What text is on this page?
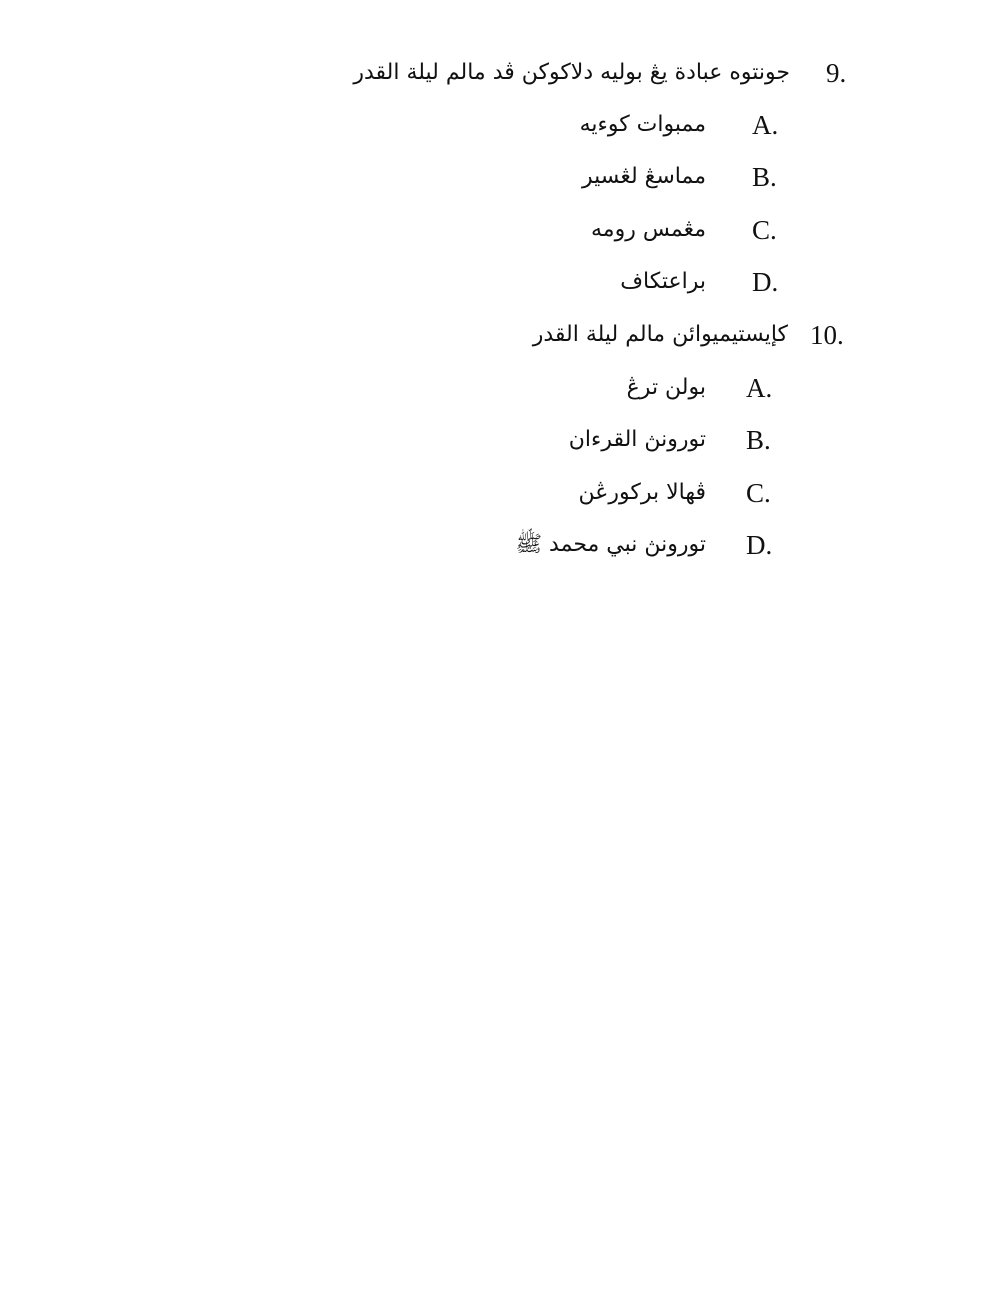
9.
جونتوه عبادة يڠ بوليه دلاکوکن ڤد مالم ليلة القدر
A.
ممبوات کوءيه
B.
مماسڠ لڠسير
C.
مڠمس رومه
D.
براعتکاف
10.
کإيستيميوائن مالم ليلة القدر
A.
بولن ترڠ
B.
تورونڽ القرءان
C.
ڤهالا برکورڠن
D.
تورونڽ نبي محمد ﷺ
